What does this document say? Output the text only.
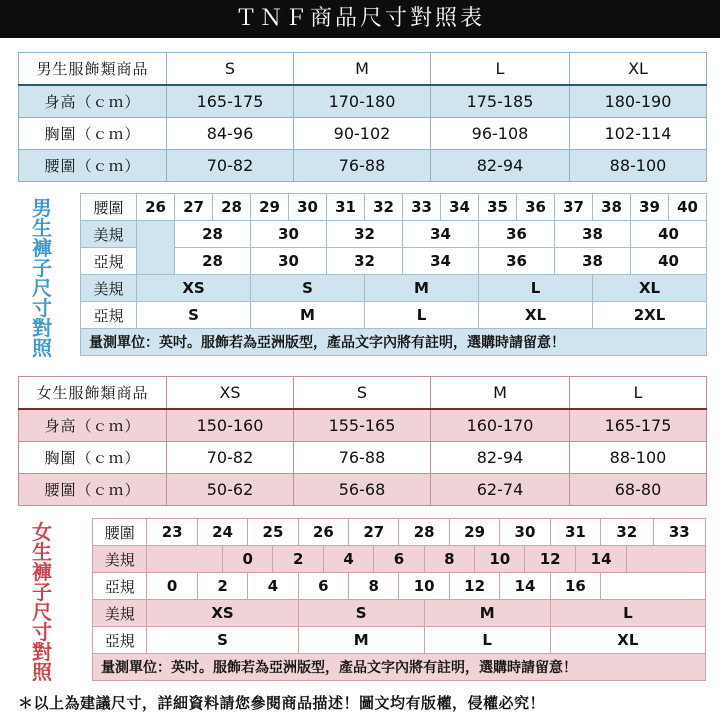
ＴＮＦ商品尺寸對照表
男生服飾類商品	S	M	L	XL
身高（ｃｍ）	165-175	170-180	175-185	180-190
胸圍（ｃｍ）	84-96	90-102	96-108	102-114
腰圍（ｃｍ）	70-82	76-88	82-94	88-100
男
生
褲
子
尺
寸
對
照
腰圍	26	27	28	29	30	31	32	33	34	35	36	37	38	39	40
美規		28		30		32		34		36		38		40	
亞規		28		30		32		34		36		38		40	
美規	XS			S			M			L			XL		
亞規	S			M			L			XL			2XL		
量測單位：英吋。服飾若為亞洲版型，產品文字內將有註明，選購時請留意！															
女生服飾類商品	XS	S	M	L
身高（ｃｍ）	150-160	155-165	160-170	165-175
胸圍（ｃｍ）	70-82	76-88	82-94	88-100
腰圍（ｃｍ）	50-62	56-68	62-74	68-80
女
生
褲
子
尺
寸
對
照
腰圍	23	24		25		26		27		28		29		30		31		32		33
美規			0		2		4		6		8		10		12		14			
亞規	0	2		4		6		8		10		12		14		16				
美規	XS					S					M					L				
亞規	S					M					L					XL				
量測單位：英吋。服飾若為亞洲版型，產品文字內將有註明，選購時請留意！																				
＊以上為建議尺寸，詳細資料請您參閱商品描述！圖文均有版權，侵權必究！
